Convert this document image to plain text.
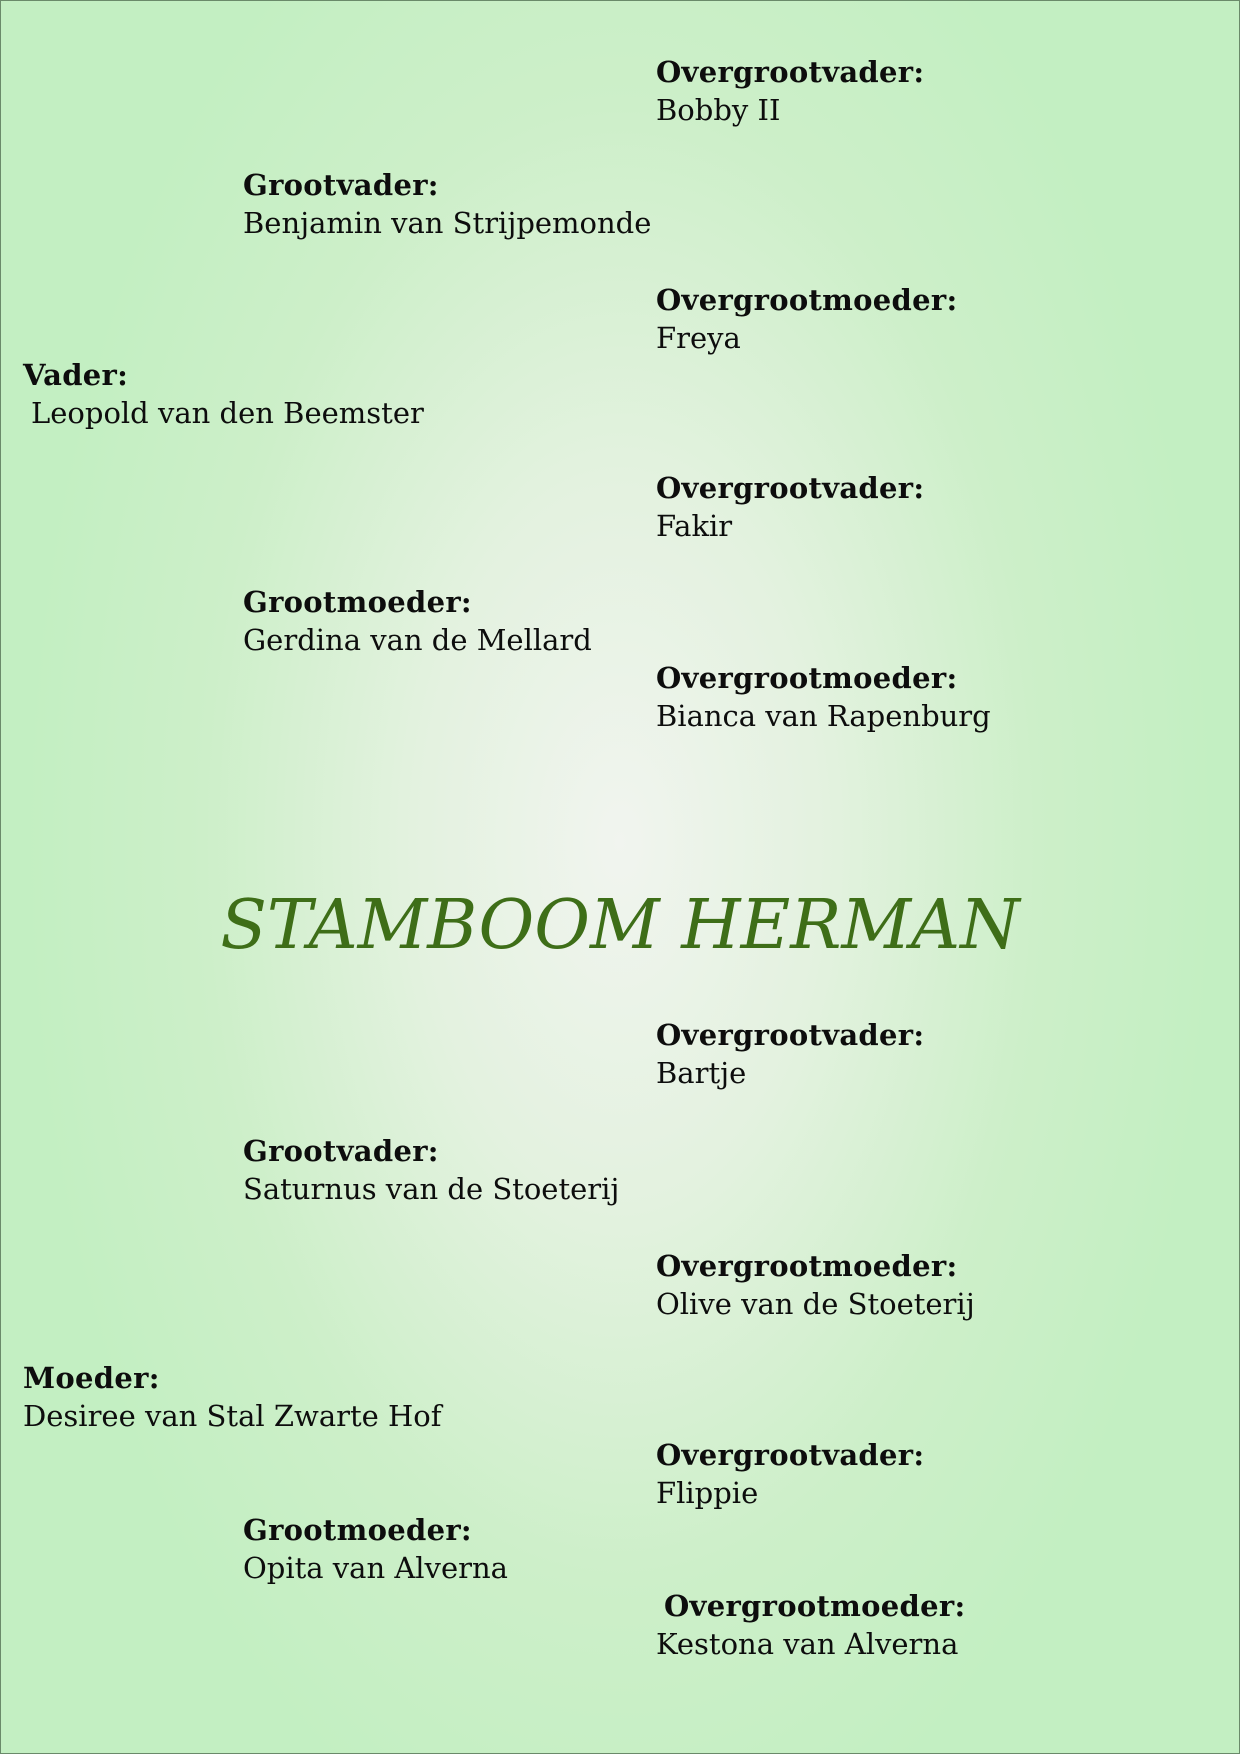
Overgrootvader:
Bobby II
Grootvader:
Benjamin van Strijpemonde
Overgrootmoeder:
Freya
Vader:
Leopold van den Beemster
Overgrootvader:
Fakir
Grootmoeder:
Gerdina van de Mellard
Overgrootmoeder:
Bianca van Rapenburg
STAMBOOM HERMAN
Overgrootvader:
Bartje
Grootvader:
Saturnus van de Stoeterij
Overgrootmoeder:
Olive van de Stoeterij
Moeder:
Desiree van Stal Zwarte Hof
Overgrootvader:
Flippie
Grootmoeder:
Opita van Alverna
Overgrootmoeder:
Kestona van Alverna
